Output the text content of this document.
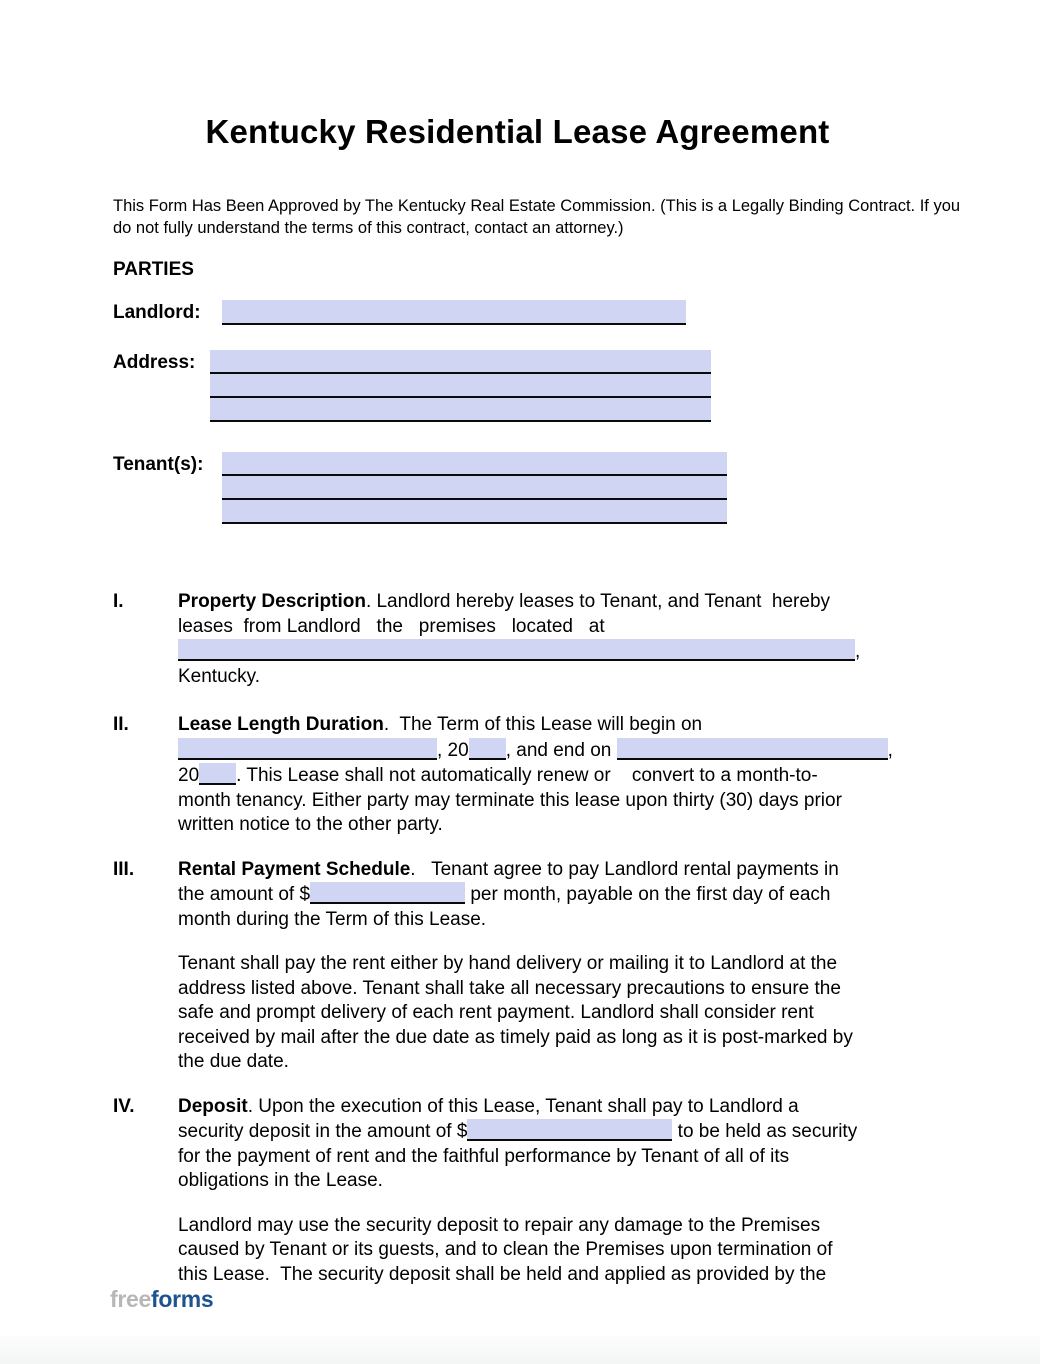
Kentucky Residential Lease Agreement
This Form Has Been Approved by The Kentucky Real Estate Commission. (This is a Legally Binding Contract. If you
do not fully understand the terms of this contract, contact an attorney.)
PARTIES
Landlord:
Address:
Tenant(s):
I.	Property Description. Landlord hereby leases to Tenant, and Tenant  hereby
leases  from Landlord   the   premises   located   at
,
Kentucky.
II.	Lease Length Duration.  The Term of this Lease will begin on
, 20 , and end on	,
20 . This Lease shall not automatically renew or    convert to a month-to-
month tenancy. Either party may terminate this lease upon thirty (30) days prior
written notice to the other party.
III.	Rental Payment Schedule.   Tenant agree to pay Landlord rental payments in
the amount of $	per month, payable on the first day of each
month during the Term of this Lease.
Tenant shall pay the rent either by hand delivery or mailing it to Landlord at the
address listed above. Tenant shall take all necessary precautions to ensure the
safe and prompt delivery of each rent payment. Landlord shall consider rent
received by mail after the due date as timely paid as long as it is post-marked by
the due date.
IV.	Deposit. Upon the execution of this Lease, Tenant shall pay to Landlord a
security deposit in the amount of $	to be held as security
for the payment of rent and the faithful performance by Tenant of all of its
obligations in the Lease.
Landlord may use the security deposit to repair any damage to the Premises
caused by Tenant or its guests, and to clean the Premises upon termination of
this Lease.  The security deposit shall be held and applied as provided by the
freeforms
